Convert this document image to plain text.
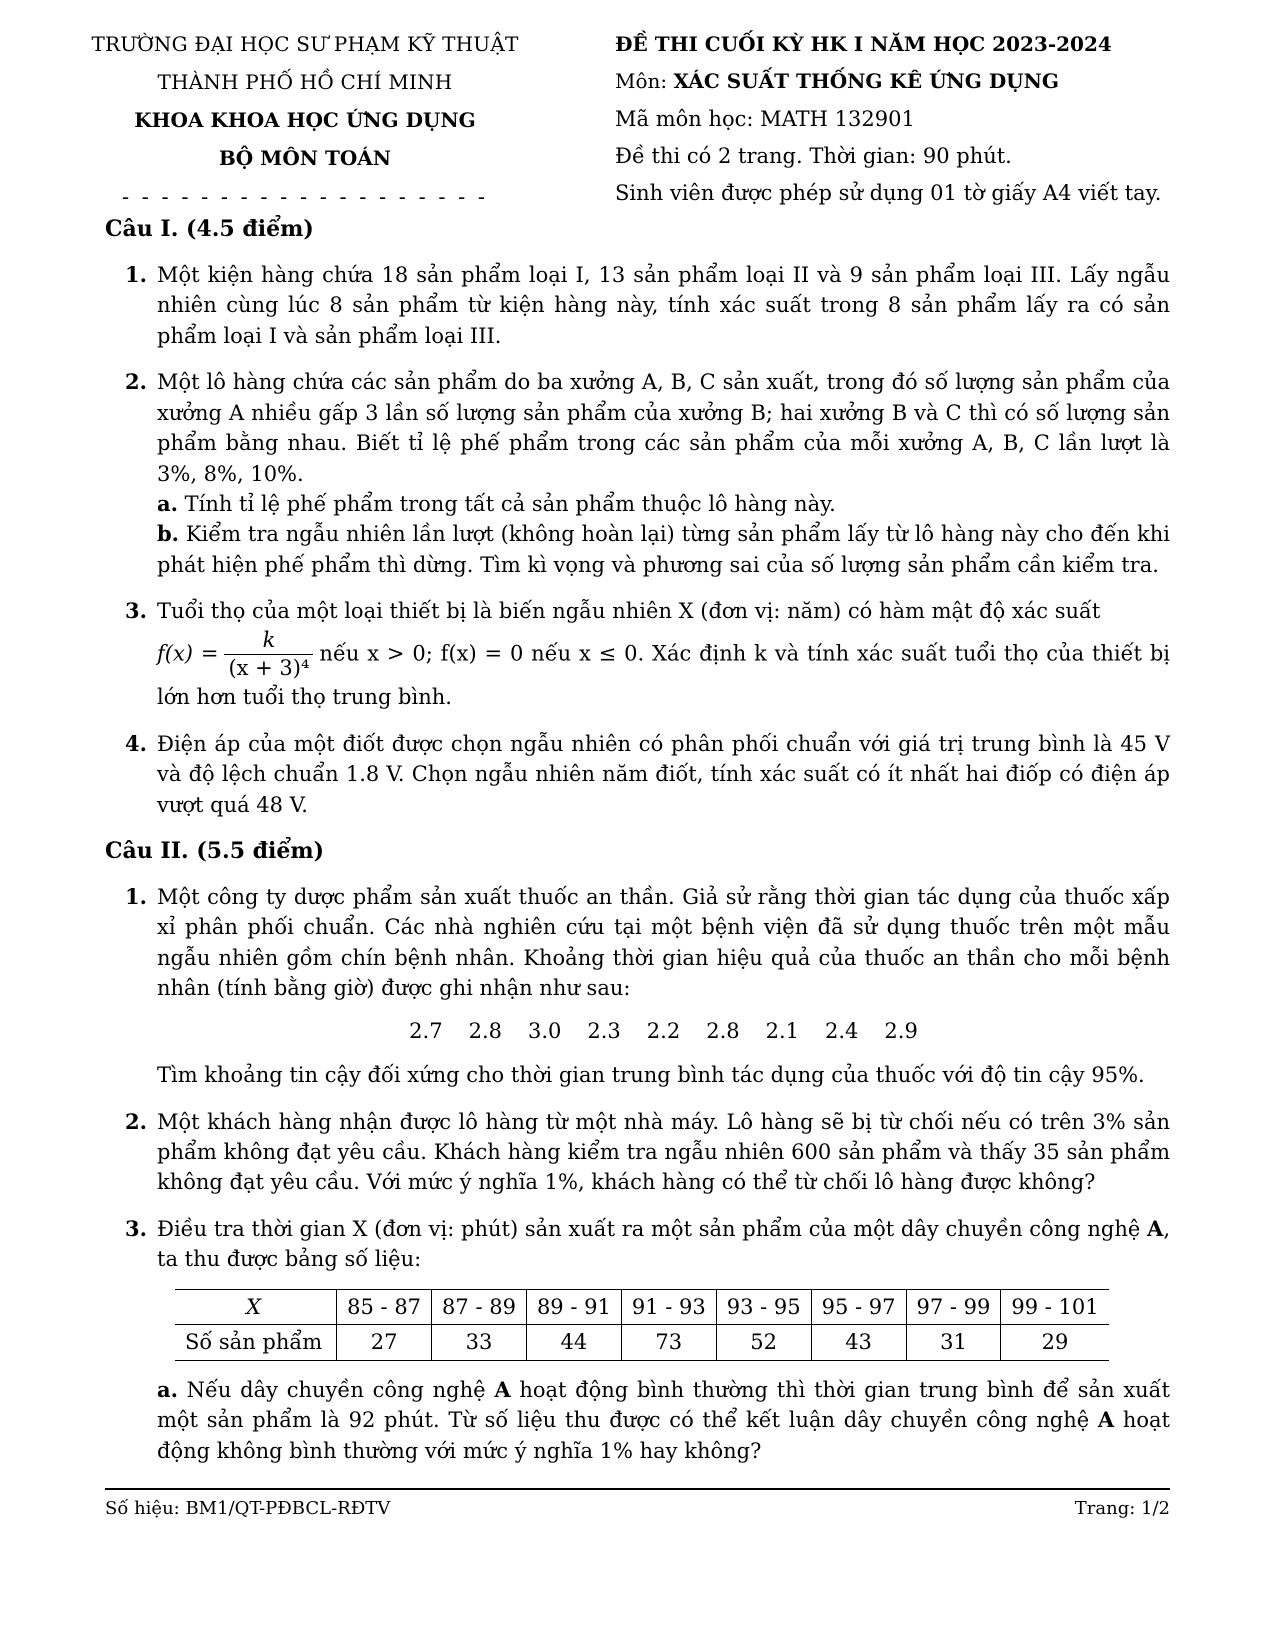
TRƯỜNG ĐẠI HỌC SƯ PHẠM KỸ THUẬT
THÀNH PHỐ HỒ CHÍ MINH
KHOA KHOA HỌC ỨNG DỤNG
BỘ MÔN TOÁN
- - - - - - - - - - - - - - - - - - -
ĐỀ THI CUỐI KỲ HK I NĂM HỌC 2023-2024
Môn: XÁC SUẤT THỐNG KÊ ỨNG DỤNG
Mã môn học: MATH 132901
Đề thi có 2 trang. Thời gian: 90 phút.
Sinh viên được phép sử dụng 01 tờ giấy A4 viết tay.
Câu I. (4.5 điểm)
1. Một kiện hàng chứa 18 sản phẩm loại I, 13 sản phẩm loại II và 9 sản phẩm loại III. Lấy ngẫu nhiên cùng lúc 8 sản phẩm từ kiện hàng này, tính xác suất trong 8 sản phẩm lấy ra có sản phẩm loại I và sản phẩm loại III.

2. Một lô hàng chứa các sản phẩm do ba xưởng A, B, C sản xuất, trong đó số lượng sản phẩm của xưởng A nhiều gấp 3 lần số lượng sản phẩm của xưởng B; hai xưởng B và C thì có số lượng sản phẩm bằng nhau. Biết tỉ lệ phế phẩm trong các sản phẩm của mỗi xưởng A, B, C lần lượt là 3%, 8%, 10%.

a. Tính tỉ lệ phế phẩm trong tất cả sản phẩm thuộc lô hàng này.

b. Kiểm tra ngẫu nhiên lần lượt (không hoàn lại) từng sản phẩm lấy từ lô hàng này cho đến khi phát hiện phế phẩm thì dừng. Tìm kì vọng và phương sai của số lượng sản phẩm cần kiểm tra.

3. Tuổi thọ của một loại thiết bị là biến ngẫu nhiên X (đơn vị: năm) có hàm mật độ xác suất

$f(x) = \frac{k}{\text{(x + 3)⁴}}$ nếu x > 0; f(x) = 0 nếu x ≤ 0. Xác định k và tính xác suất tuổi thọ của thiết bị lớn hơn tuổi thọ trung bình.

4. Điện áp của một điốt được chọn ngẫu nhiên có phân phối chuẩn với giá trị trung bình là 45 V và độ lệch chuẩn 1.8 V. Chọn ngẫu nhiên năm điốt, tính xác suất có ít nhất hai điốp có điện áp vượt quá 48 V.

Câu II. (5.5 điểm)
1. Một công ty dược phẩm sản xuất thuốc an thần. Giả sử rằng thời gian tác dụng của thuốc xấp xỉ phân phối chuẩn. Các nhà nghiên cứu tại một bệnh viện đã sử dụng thuốc trên một mẫu ngẫu nhiên gồm chín bệnh nhân. Khoảng thời gian hiệu quả của thuốc an thần cho mỗi bệnh nhân (tính bằng giờ) được ghi nhận như sau:

2.7 2.8 3.0 2.3 2.2 2.8 2.1 2.4 2.9

Tìm khoảng tin cậy đối xứng cho thời gian trung bình tác dụng của thuốc với độ tin cậy 95%.

2. Một khách hàng nhận được lô hàng từ một nhà máy. Lô hàng sẽ bị từ chối nếu có trên 3% sản phẩm không đạt yêu cầu. Khách hàng kiểm tra ngẫu nhiên 600 sản phẩm và thấy 35 sản phẩm không đạt yêu cầu. Với mức ý nghĩa 1%, khách hàng có thể từ chối lô hàng được không?

3. Điều tra thời gian X (đơn vị: phút) sản xuất ra một sản phẩm của một dây chuyền công nghệ A, ta thu được bảng số liệu:

X	85 - 87	87 - 89	89 - 91	91 - 93	93 - 95	95 - 97	97 - 99	99 - 101
Số sản phẩm	27	33	44	73	52	43	31	29

a. Nếu dây chuyền công nghệ A hoạt động bình thường thì thời gian trung bình để sản xuất một sản phẩm là 92 phút. Từ số liệu thu được có thể kết luận dây chuyền công nghệ A hoạt động không bình thường với mức ý nghĩa 1% hay không?

Số hiệu: BM1/QT-PĐBCL-RĐTV	Trang: 1/2
